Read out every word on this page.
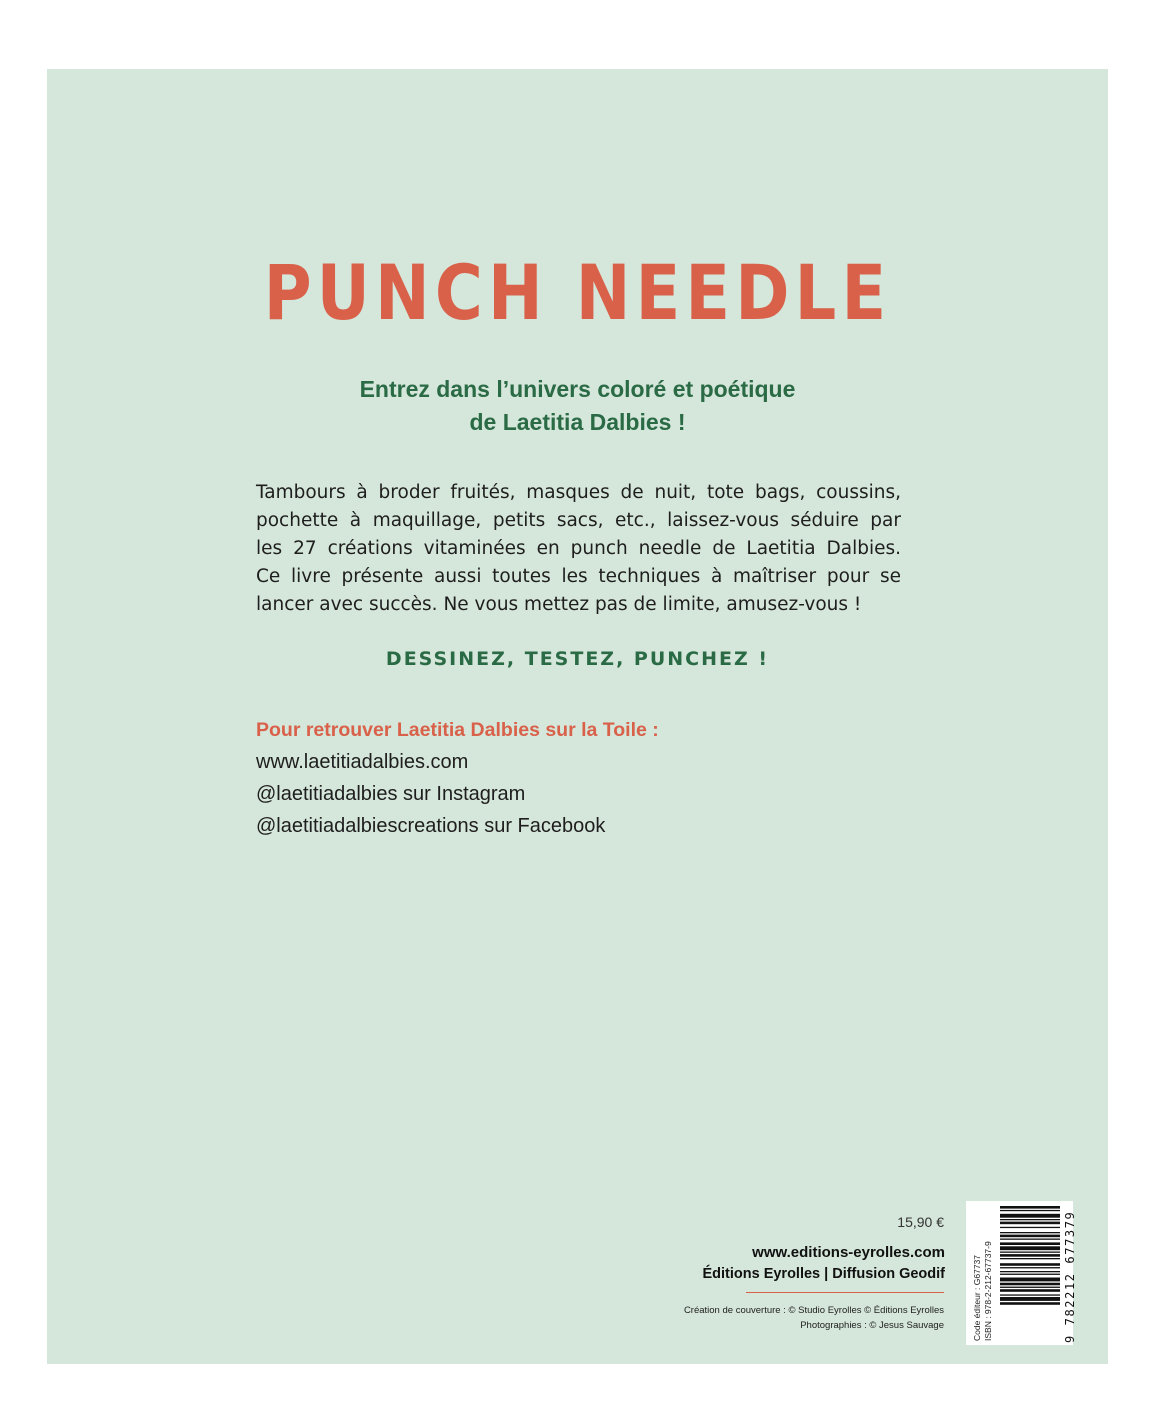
PUNCH NEEDLE
Entrez dans l’univers coloré et poétique
de Laetitia Dalbies !
Tambours à broder fruités, masques de nuit, tote bags, coussins,
pochette à maquillage, petits sacs, etc., laissez-vous séduire par
les 27 créations vitaminées en punch needle de Laetitia Dalbies.
Ce livre présente aussi toutes les techniques à maîtriser pour se
lancer avec succès. Ne vous mettez pas de limite, amusez-vous !
DESSINEZ, TESTEZ, PUNCHEZ !
Pour retrouver Laetitia Dalbies sur la Toile :
www.laetitiadalbies.com
@laetitiadalbies sur Instagram
@laetitiadalbiescreations sur Facebook
15,90 €
www.editions-eyrolles.com
Éditions Eyrolles | Diffusion Geodif
Création de couverture : © Studio Eyrolles © Éditions Eyrolles
Photographies : © Jesus Sauvage	Code éditeur : G67737 ISBN : 978-2-212-67737-9	9 782212 677379
